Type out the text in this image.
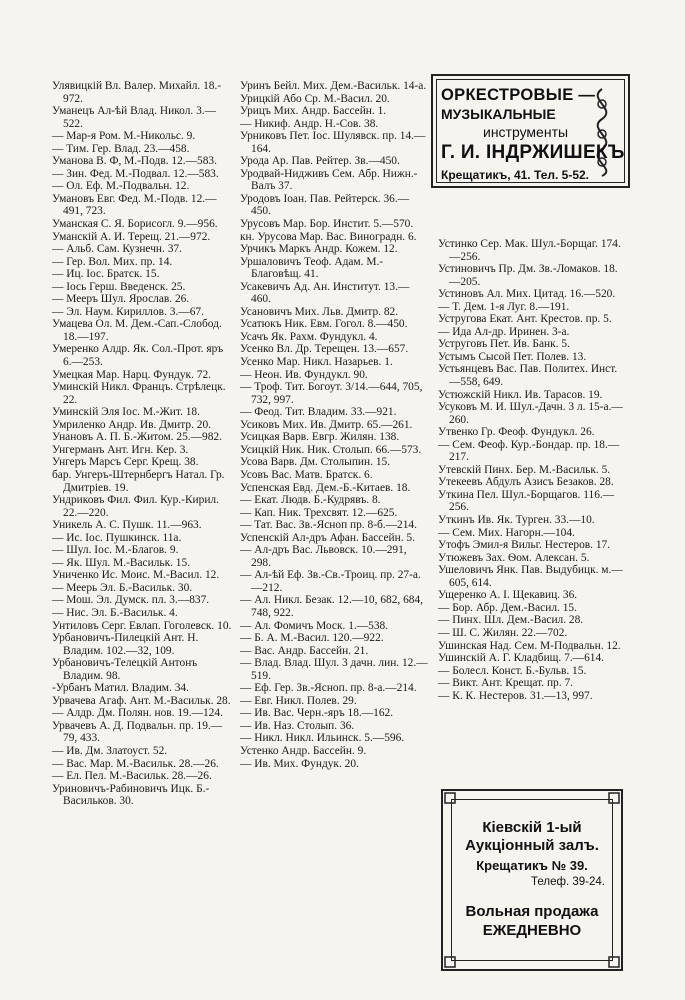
Улявицкій Вл. Валер. Михайл. 18.- 972.
Уманецъ Ал-ѣй Влад. Никол. 3.—522.
— Мар-я Ром. М.-Никольс. 9.
— Тим. Гер. Влад. 23.—458.
Уманова В. Ф, М.-Подв. 12.—583.
— Зин. Фед. М.-Подвал. 12.—583.
— Ол. Еф. М.-Подвальн. 12.
Умановъ Евг. Фед. М.-Подв. 12.—491, 723.
Уманская С. Я. Борисогл. 9.—956.
Уманскій А. И. Терещ. 21.—972.
— Альб. Сам. Кузнечн. 37.
— Гер. Вол. Мих. пр. 14.
— Иц. Іос. Братск. 15.
— Іось Герш. Введенск. 25.
— Мееръ Шул. Ярослав. 26.
— Эл. Наум. Кириллов. 3.—67.
Умацева Ол. М. Дем.-Сап.-Слобод. 18.—197.
Умеренко Алдр. Як. Сол.-Прот. яръ 6.—253.
Умецкая Мар. Нарц. Фундук. 72.
Уминскій Никл. Францъ. Стрѣлецк. 22.
Уминскій Эля Іос. М.-Жит. 18.
Умриленко Андр. Ив. Дмитр. 20.
Унановъ А. П. Б.-Житом. 25.—982.
Унгерманъ Ант. Игн. Кер. 3.
Унгеръ Марсъ Серг. Крещ. 38.
бар. Унгеръ-Штернбергъ Натал. Гр. Дмитріев. 19.
Ундриковъ Фил. Фил. Кур.-Кирил. 22.—220.
Уникель А. С. Пушк. 11.—963.
— Ис. Іос. Пушкинск. 11а.
— Шул. Іос. М.-Благов. 9.
— Як. Шул. М.-Васильк. 15.
Униченко Ис. Моис. М.-Васил. 12.
— Меерь Эл. Б.-Васильк. 30.
— Мош. Эл. Думск. пл. 3.—837.
— Нис. Эл. Б.-Васильк. 4.
Унтиловъ Серг. Евлап. Гоголевск. 10.
Урбановичъ-Пилецкій Ант. Н. Владим. 102.—32, 109.
Урбановичъ-Телецкій Антонъ Владим. 98.
-Урбанъ Матил. Владим. 34.
Урвачева Агаф. Ант. М.-Васильк. 28.
— Алдр. Дм. Полян. нов. 19.—124.
Урвачевъ А. Д. Подвальн. пр. 19.—79, 433.
— Ив. Дм. Златоуст. 52.
— Вас. Мар. М.-Васильк. 28.—26.
— Ел. Пел. М.-Васильк. 28.—26.
Уриновичъ-Рабиновичъ Ицк. Б.-Васильков. 30.
Уринъ Бейл. Мих. Дем.-Васильк. 14-а.
Урицкій Або Ср. М.-Васил. 20.
Урицъ Мих. Андр. Бассейн. 1.
— Никиф. Андр. Н.-Сов. 38.
Урниковъ Пет. Іос. Шулявск. пр. 14.—164.
Урода Ар. Пав. Рейтер. Зв.—450.
Уродвай-Нидживъ Сем. Абр. Нижн.-Валъ 37.
Уродовъ Іоан. Пав. Рейтерск. 36.—450.
Урусовъ Мар. Бор. Инстит. 5.—570.
кн. Урусова Мар. Вас. Виноградн. 6.
Урчикъ Маркъ Андр. Кожем. 12.
Уршаловичъ Теоф. Адам. М.-Благовѣщ. 41.
Усакевичъ Ад. Ан. Институт. 13.—460.
Усановичъ Мих. Льв. Дмитр. 82.
Усатюкъ Ник. Евм. Гогол. 8.—450.
Усачъ Як. Рахм. Фундукл. 4.
Усенко Вл. Др. Терещен. 13.—657.
Усенко Мар. Никл. Назарьев. 1.
— Неон. Ив. Фундукл. 90.
— Троф. Тит. Богоут. 3/14.—644, 705, 732, 997.
— Феод. Тит. Владим. 33.—921.
Усиковъ Мих. Ив. Дмитр. 65.—261.
Усицкая Варв. Евгр. Жилян. 138.
Усицкій Ник. Ник. Столып. 66.—573.
Усова Варв. Дм. Столыпин. 15.
Усовъ Вас. Матв. Братск. 6.
Успенская Евд. Дем.-Б.-Китаев. 18.
— Екат. Людв. Б.-Кудрявъ. 8.
— Кап. Ник. Трехсвят. 12.—625.
— Тат. Вас. Зв.-Ясноп пр. 8-б.—214.
Успенскій Ал-дръ Афан. Бассейн. 5.
— Ал-дръ Вас. Львовск. 10.—291, 298.
— Ал-ѣй Еф. Зв.-Св.-Троиц. пр. 27-а.—212.
— Ал. Никл. Безак. 12.—10, 682, 684, 748, 922.
— Ал. Фомичъ Моск. 1.—538.
— Б. А. М.-Васил. 120.—922.
— Вас. Андр. Бассейн. 21.
— Влад. Влад. Шул. 3 дачн. лин. 12.—519.
— Еф. Гер. Зв.-Ясноп. пр. 8-а.—214.
— Евг. Никл. Полев. 29.
— Ив. Вас. Черн.-яръ 18.—162.
— Ив. Наз. Столып. 36.
— Никл. Никл. Ильинск. 5.—596.
Устенко Андр. Бассейн. 9.
— Ив. Мих. Фундук. 20.
Устинко Сер. Мак. Шул.-Борщаг. 174.—256.
Устиновичъ Пр. Дм. Зв.-Ломаков. 18.—205.
Устиновъ Ал. Мих. Цитад. 16.—520.
— Т. Дем. 1-я Луг. 8.—191.
Устругова Екат. Ант. Крестов. пр. 5.
— Ида Ал-др. Иринен. 3-а.
Уструговъ Пет. Ив. Банк. 5.
Устымъ Сысой Пет. Полев. 13.
Устьянцевъ Вас. Пав. Политех. Инст.—558, 649.
Устюжскій Никл. Ив. Тарасов. 19.
Усуковъ М. И. Шул.-Дачн. 3 л. 15-а.—260.
Утвенко Гр. Феоф. Фундукл. 26.
— Сем. Феоф. Кур.-Бондар. пр. 18.—217.
Утевскій Пинх. Бер. М.-Васильк. 5.
Утекеевъ Абдулъ Азисъ Безаков. 28.
Уткина Пел. Шул.-Борщагов. 116.—256.
Уткинъ Ив. Як. Турген. 33.—10.
— Сем. Мих. Нагорн.—104.
Утофъ Эмил-я Вильг. Нестеров. 17.
Утюжевъ Зах. Ѳом. Алексан. 5.
Ушеловичъ Янк. Пав. Выдубицк. м.—605, 614.
Ущеренко А. І. Щекавиц. 36.
— Бор. Абр. Дем.-Васил. 15.
— Пинх. Шл. Дем.-Васил. 28.
— Ш. С. Жилян. 22.—702.
Ушинская Над. Сем. М-Подвальн. 12.
Ушинскій А. Г. Кладбищ. 7.—614.
— Болесл. Конст. Б.-Бульв. 15.
— Викт. Ант. Крещат. пр. 7.
— К. К. Нестеров. 31.—13, 997.
ОРКЕСТРОВЫЕ —
МУЗЫКАЛЬНЫЕ
инструменты
Г. И. ІНДРЖИШЕКЪ
Крещатикъ, 41. Тел. 5-52.
Кіевскій 1-ый
Аукціонный залъ.
Крещатикъ № 39.
Телеф. 39-24.
Вольная продажа
ЕЖЕДНЕВНО
